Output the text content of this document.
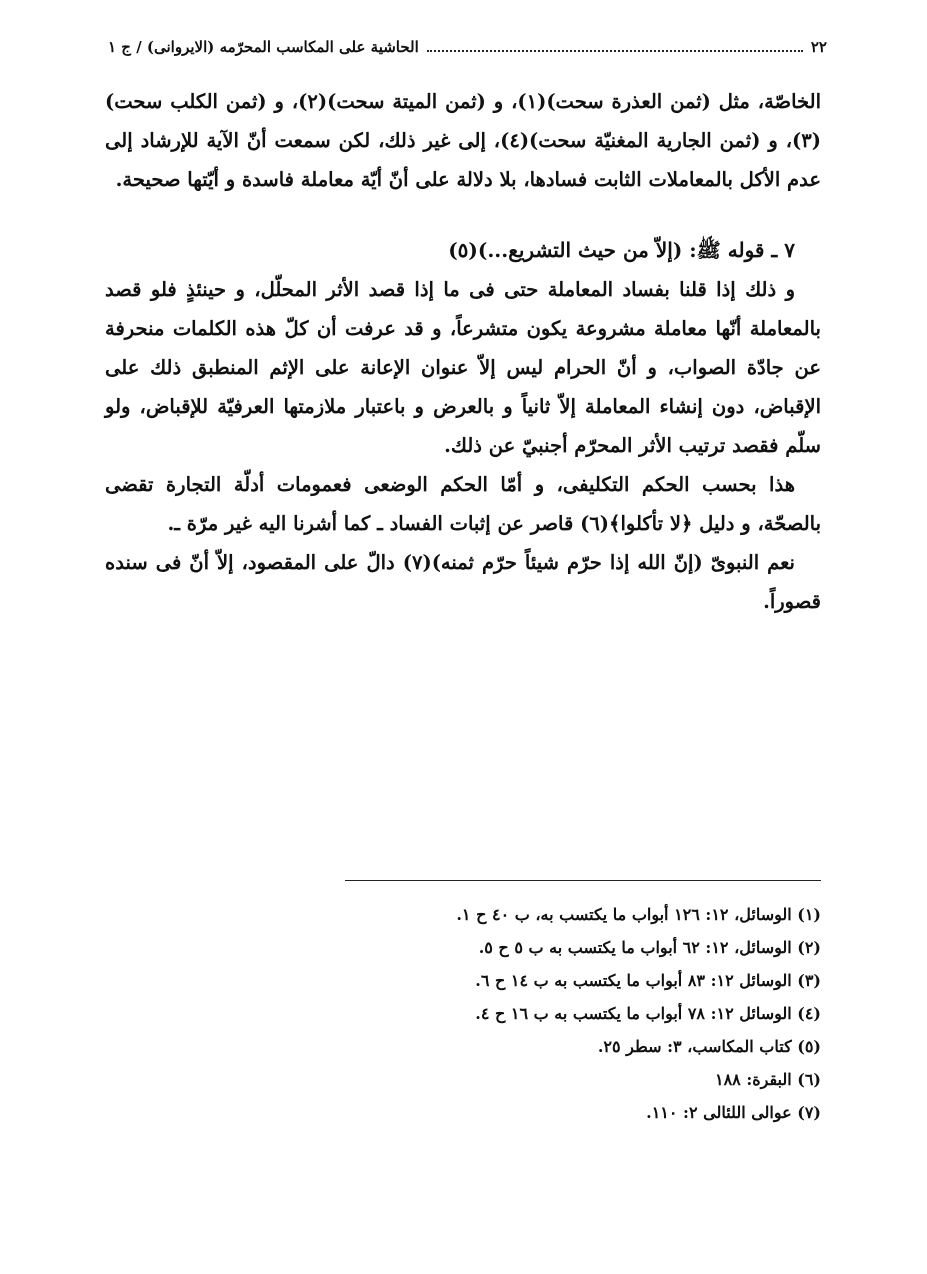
٢٢
الحاشية على المكاسب المحرّمه (الايروانى) / ج ١

الخاصّة، مثل (ثمن العذرة سحت)(١)، و (ثمن الميتة سحت)(٢)، و (ثمن الكلب سحت)(٣)، و (ثمن الجارية المغنيّة سحت)(٤)، إلى غير ذلك، لكن سمعت أنّ الآية للإرشاد إلى عدم الأكل بالمعاملات الثابت فسادها، بلا دلالة على أنّ أيّة معاملة فاسدة و أيّتها صحيحة.

٧ ـ قوله ﷺ: (إلاّ من حيث التشريع...)(٥)

و ذلك إذا قلنا بفساد المعاملة حتى فى ما إذا قصد الأثر المحلّل، و حينئذٍ فلو قصد بالمعاملة أنّها معاملة مشروعة يكون متشرعاً، و قد عرفت أن كلّ هذه الكلمات منحرفة عن جادّة الصواب، و أنّ الحرام ليس إلاّ عنوان الإعانة على الإثم المنطبق ذلك على الإقباض، دون إنشاء المعاملة إلاّ ثانياً و بالعرض و باعتبار ملازمتها العرفيّة للإقباض، ولو سلّم فقصد ترتيب الأثر المحرّم أجنبيّ عن ذلك.

هذا بحسب الحكم التكليفى، و أمّا الحكم الوضعى فعمومات أدلّة التجارة تقضى بالصحّة، و دليل ﴿لا تأكلوا﴾(٦) قاصر عن إثبات الفساد ـ كما أشرنا اليه غير مرّة ـ.

نعم النبوىّ (إنّ الله إذا حرّم شيئاً حرّم ثمنه)(٧) دالّ على المقصود، إلاّ أنّ فى سنده قصوراً.

(١) الوسائل، ١٢: ١٢٦ أبواب ما يكتسب به، ب ٤٠ ح ١.
(٢) الوسائل، ١٢: ٦٢ أبواب ما يكتسب به ب ٥ ح ٥.
(٣) الوسائل ١٢: ٨٣ أبواب ما يكتسب به ب ١٤ ح ٦.
(٤) الوسائل ١٢: ٧٨ أبواب ما يكتسب به ب ١٦ ح ٤.
(٥) كتاب المكاسب، ٣: سطر ٢٥.
(٦) البقرة: ١٨٨
(٧) عوالى اللئالى ٢: ١١٠.
